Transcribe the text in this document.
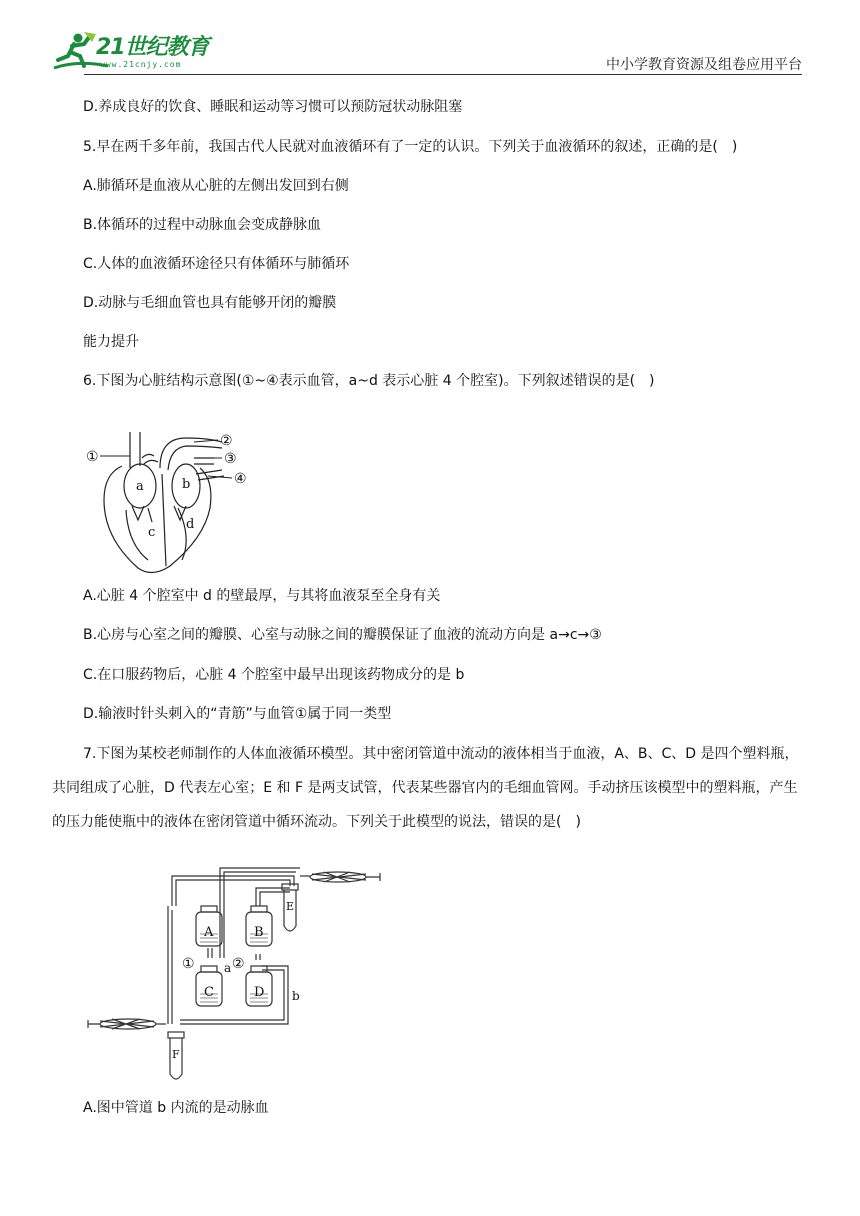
21世纪教育
www.21cnjy.com	中小学教育资源及组卷应用平台
D.养成良好的饮食、睡眠和运动等习惯可以预防冠状动脉阻塞
5.早在两千多年前，我国古代人民就对血液循环有了一定的认识。下列关于血液循环的叙述，正确的是(　)
A.肺循环是血液从心脏的左侧出发回到右侧
B.体循环的过程中动脉血会变成静脉血
C.人体的血液循环途径只有体循环与肺循环
D.动脉与毛细血管也具有能够开闭的瓣膜
能力提升
6.下图为心脏结构示意图(①~④表示血管，a~d 表示心脏 4 个腔室)。下列叙述错误的是(　)
①
②
③
④
a	b
c
d
A.心脏 4 个腔室中 d 的壁最厚，与其将血液泵至全身有关
B.心房与心室之间的瓣膜、心室与动脉之间的瓣膜保证了血液的流动方向是 a→c→③
C.在口服药物后，心脏 4 个腔室中最早出现该药物成分的是 b
D.输液时针头刺入的“青筋”与血管①属于同一类型
7.下图为某校老师制作的人体血液循环模型。其中密闭管道中流动的液体相当于血液，A、B、C、D 是四个塑料瓶，共同组成了心脏，D 代表左心室；E 和 F 是两支试管，代表某些器官内的毛细血管网。手动挤压该模型中的塑料瓶，产生的压力能使瓶中的液体在密闭管道中循环流动。下列关于此模型的说法，错误的是(　)
A	B
C	D
E
F
a
b
①	②
A.图中管道 b 内流的是动脉血
